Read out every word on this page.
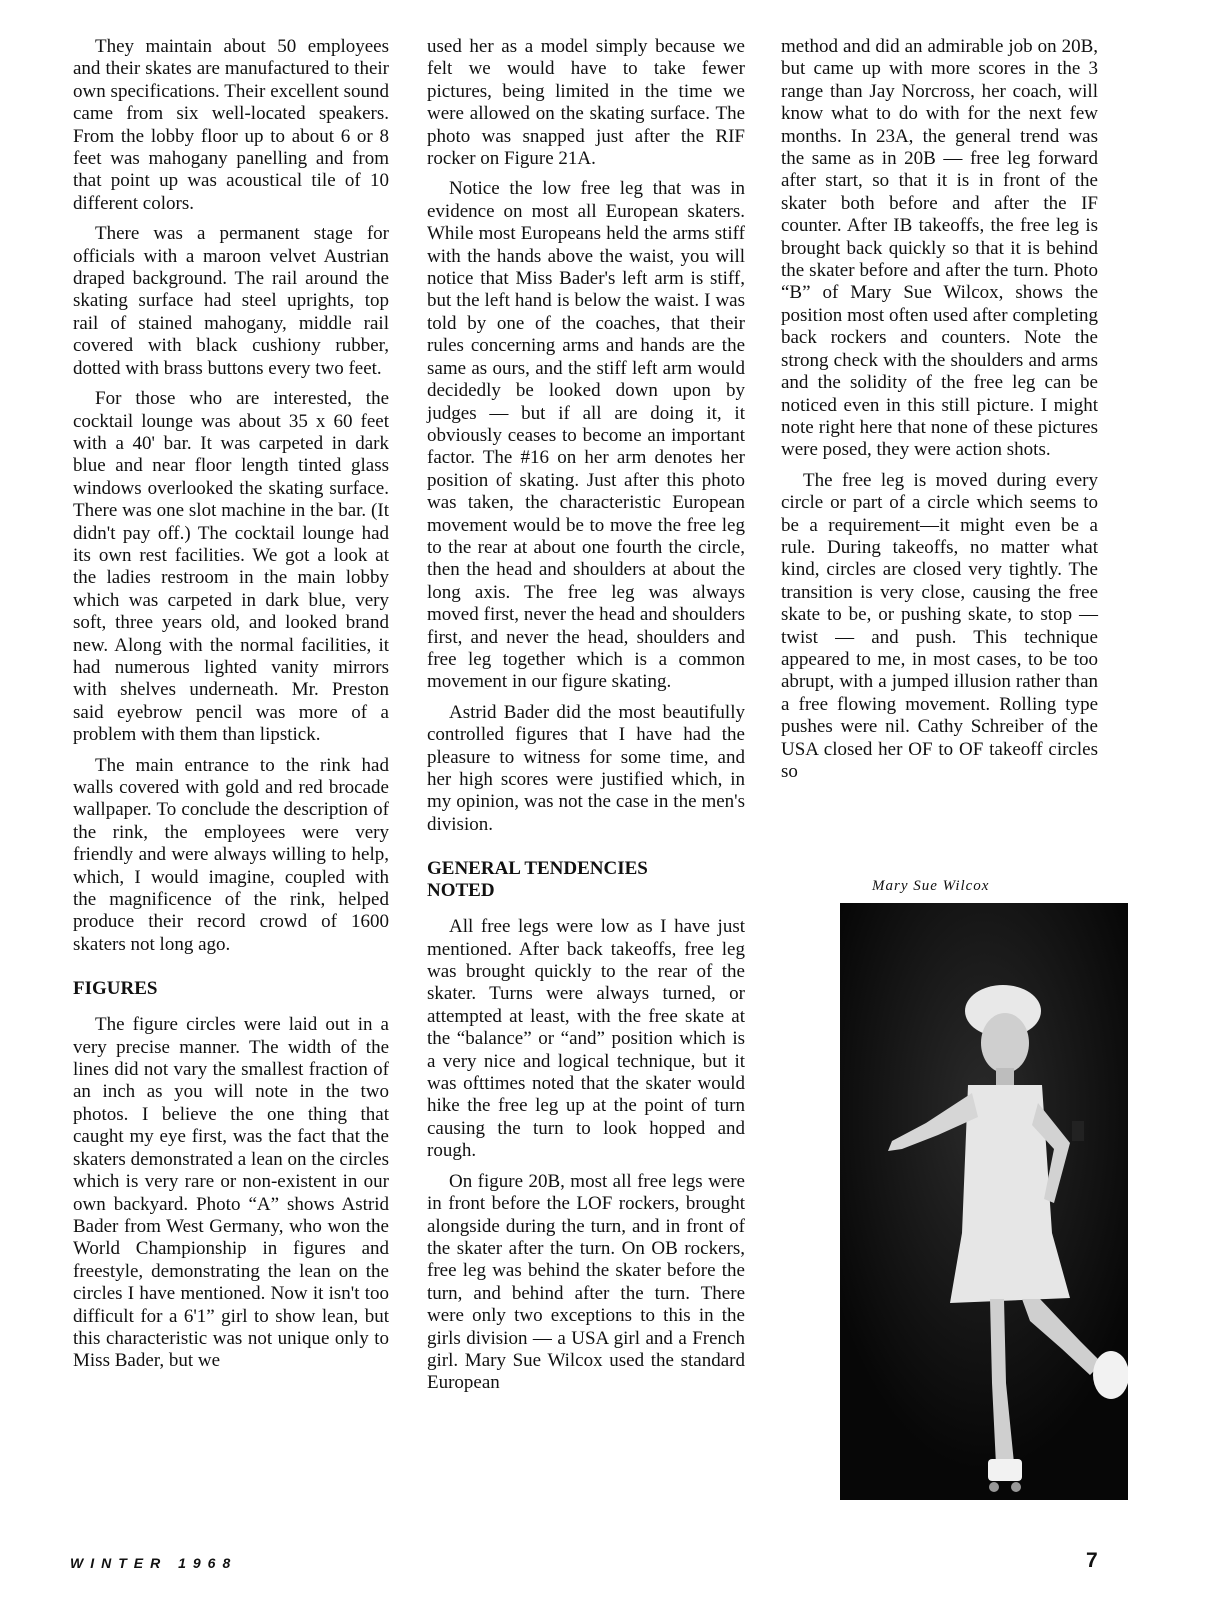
They maintain about 50 employees and their skates are manufactured to their own specifications. Their excellent sound came from six well-located speakers. From the lobby floor up to about 6 or 8 feet was mahogany panelling and from that point up was acoustical tile of 10 different colors.

There was a permanent stage for officials with a maroon velvet Austrian draped background. The rail around the skating surface had steel uprights, top rail of stained mahogany, middle rail covered with black cushiony rubber, dotted with brass buttons every two feet.

For those who are interested, the cocktail lounge was about 35 x 60 feet with a 40' bar. It was carpeted in dark blue and near floor length tinted glass windows overlooked the skating surface. There was one slot machine in the bar. (It didn't pay off.) The cocktail lounge had its own rest facilities. We got a look at the ladies restroom in the main lobby which was carpeted in dark blue, very soft, three years old, and looked brand new. Along with the normal facilities, it had numerous lighted vanity mirrors with shelves underneath. Mr. Preston said eyebrow pencil was more of a problem with them than lipstick.

The main entrance to the rink had walls covered with gold and red brocade wallpaper. To conclude the description of the rink, the employees were very friendly and were always willing to help, which, I would imagine, coupled with the magnificence of the rink, helped produce their record crowd of 1600 skaters not long ago.

FIGURES

The figure circles were laid out in a very precise manner. The width of the lines did not vary the smallest fraction of an inch as you will note in the two photos. I believe the one thing that caught my eye first, was the fact that the skaters demonstrated a lean on the circles which is very rare or non-existent in our own backyard. Photo “A” shows Astrid Bader from West Germany, who won the World Championship in figures and freestyle, demonstrating the lean on the circles I have mentioned. Now it isn't too difficult for a 6'1” girl to show lean, but this characteristic was not unique only to Miss Bader, but we

used her as a model simply because we felt we would have to take fewer pictures, being limited in the time we were allowed on the skating surface. The photo was snapped just after the RIF rocker on Figure 21A.

Notice the low free leg that was in evidence on most all European skaters. While most Europeans held the arms stiff with the hands above the waist, you will notice that Miss Bader's left arm is stiff, but the left hand is below the waist. I was told by one of the coaches, that their rules concerning arms and hands are the same as ours, and the stiff left arm would decidedly be looked down upon by judges — but if all are doing it, it obviously ceases to become an important factor. The #16 on her arm denotes her position of skating. Just after this photo was taken, the characteristic European movement would be to move the free leg to the rear at about one fourth the circle, then the head and shoulders at about the long axis. The free leg was always moved first, never the head and shoulders first, and never the head, shoulders and free leg together which is a common movement in our figure skating.

Astrid Bader did the most beautifully controlled figures that I have had the pleasure to witness for some time, and her high scores were justified which, in my opinion, was not the case in the men's division.

GENERAL TENDENCIES NOTED

All free legs were low as I have just mentioned. After back takeoffs, free leg was brought quickly to the rear of the skater. Turns were always turned, or attempted at least, with the free skate at the “balance” or “and” position which is a very nice and logical technique, but it was ofttimes noted that the skater would hike the free leg up at the point of turn causing the turn to look hopped and rough.

On figure 20B, most all free legs were in front before the LOF rockers, brought alongside during the turn, and in front of the skater after the turn. On OB rockers, free leg was behind the skater before the turn, and behind after the turn. There were only two exceptions to this in the girls division — a USA girl and a French girl. Mary Sue Wilcox used the standard European

method and did an admirable job on 20B, but came up with more scores in the 3 range than Jay Norcross, her coach, will know what to do with for the next few months. In 23A, the general trend was the same as in 20B — free leg forward after start, so that it is in front of the skater both before and after the IF counter. After IB takeoffs, the free leg is brought back quickly so that it is behind the skater before and after the turn. Photo “B” of Mary Sue Wilcox, shows the position most often used after completing back rockers and counters. Note the strong check with the shoulders and arms and the solidity of the free leg can be noticed even in this still picture. I might note right here that none of these pictures were posed, they were action shots.

The free leg is moved during every circle or part of a circle which seems to be a requirement—it might even be a rule. During takeoffs, no matter what kind, circles are closed very tightly. The transition is very close, causing the free skate to be, or pushing skate, to stop — twist — and push. This technique appeared to me, in most cases, to be too abrupt, with a jumped illusion rather than a free flowing movement. Rolling type pushes were nil. Cathy Schreiber of the USA closed her OF to OF takeoff circles so

Mary Sue Wilcox
WINTER 1968	7
